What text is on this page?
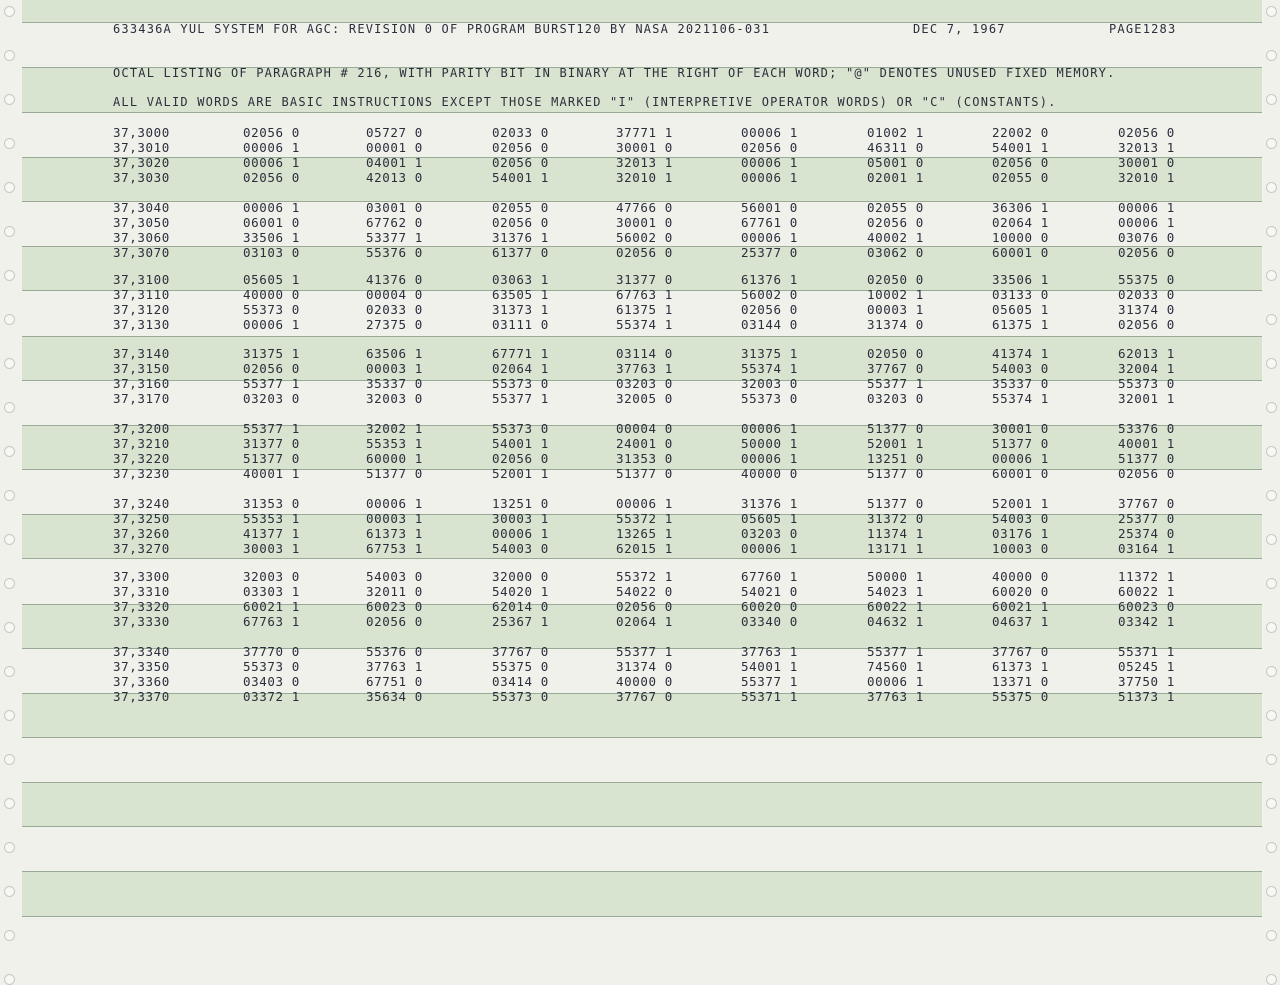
633436A YUL SYSTEM FOR AGC: REVISION 0 OF PROGRAM BURST120 BY NASA 2021106-031	DEC 7, 1967	PAGE1283
OCTAL LISTING OF PARAGRAPH # 216, WITH PARITY BIT IN BINARY AT THE RIGHT OF EACH WORD; "@" DENOTES UNUSED FIXED MEMORY.
ALL VALID WORDS ARE BASIC INSTRUCTIONS EXCEPT THOSE MARKED "I" (INTERPRETIVE OPERATOR WORDS) OR "C" (CONSTANTS).
37,3000	02056 0	05727 0	02033 0	37771 1	00006 1	01002 1	22002 0	02056 0
37,3010	00006 1	00001 0	02056 0	30001 0	02056 0	46311 0	54001 1	32013 1
37,3020	00006 1	04001 1	02056 0	32013 1	00006 1	05001 0	02056 0	30001 0
37,3030	02056 0	42013 0	54001 1	32010 1	00006 1	02001 1	02055 0	32010 1
37,3040	00006 1	03001 0	02055 0	47766 0	56001 0	02055 0	36306 1	00006 1
37,3050	06001 0	67762 0	02056 0	30001 0	67761 0	02056 0	02064 1	00006 1
37,3060	33506 1	53377 1	31376 1	56002 0	00006 1	40002 1	10000 0	03076 0
37,3070	03103 0	55376 0	61377 0	02056 0	25377 0	03062 0	60001 0	02056 0
37,3100	05605 1	41376 0	03063 1	31377 0	61376 1	02050 0	33506 1	55375 0
37,3110	40000 0	00004 0	63505 1	67763 1	56002 0	10002 1	03133 0	02033 0
37,3120	55373 0	02033 0	31373 1	61375 1	02056 0	00003 1	05605 1	31374 0
37,3130	00006 1	27375 0	03111 0	55374 1	03144 0	31374 0	61375 1	02056 0
37,3140	31375 1	63506 1	67771 1	03114 0	31375 1	02050 0	41374 1	62013 1
37,3150	02056 0	00003 1	02064 1	37763 1	55374 1	37767 0	54003 0	32004 1
37,3160	55377 1	35337 0	55373 0	03203 0	32003 0	55377 1	35337 0	55373 0
37,3170	03203 0	32003 0	55377 1	32005 0	55373 0	03203 0	55374 1	32001 1
37,3200	55377 1	32002 1	55373 0	00004 0	00006 1	51377 0	30001 0	53376 0
37,3210	31377 0	55353 1	54001 1	24001 0	50000 1	52001 1	51377 0	40001 1
37,3220	51377 0	60000 1	02056 0	31353 0	00006 1	13251 0	00006 1	51377 0
37,3230	40001 1	51377 0	52001 1	51377 0	40000 0	51377 0	60001 0	02056 0
37,3240	31353 0	00006 1	13251 0	00006 1	31376 1	51377 0	52001 1	37767 0
37,3250	55353 1	00003 1	30003 1	55372 1	05605 1	31372 0	54003 0	25377 0
37,3260	41377 1	61373 1	00006 1	13265 1	03203 0	11374 1	03176 1	25374 0
37,3270	30003 1	67753 1	54003 0	62015 1	00006 1	13171 1	10003 0	03164 1
37,3300	32003 0	54003 0	32000 0	55372 1	67760 1	50000 1	40000 0	11372 1
37,3310	03303 1	32011 0	54020 1	54022 0	54021 0	54023 1	60020 0	60022 1
37,3320	60021 1	60023 0	62014 0	02056 0	60020 0	60022 1	60021 1	60023 0
37,3330	67763 1	02056 0	25367 1	02064 1	03340 0	04632 1	04637 1	03342 1
37,3340	37770 0	55376 0	37767 0	55377 1	37763 1	55377 1	37767 0	55371 1
37,3350	55373 0	37763 1	55375 0	31374 0	54001 1	74560 1	61373 1	05245 1
37,3360	03403 0	67751 0	03414 0	40000 0	55377 1	00006 1	13371 0	37750 1
37,3370	03372 1	35634 0	55373 0	37767 0	55371 1	37763 1	55375 0	51373 1
